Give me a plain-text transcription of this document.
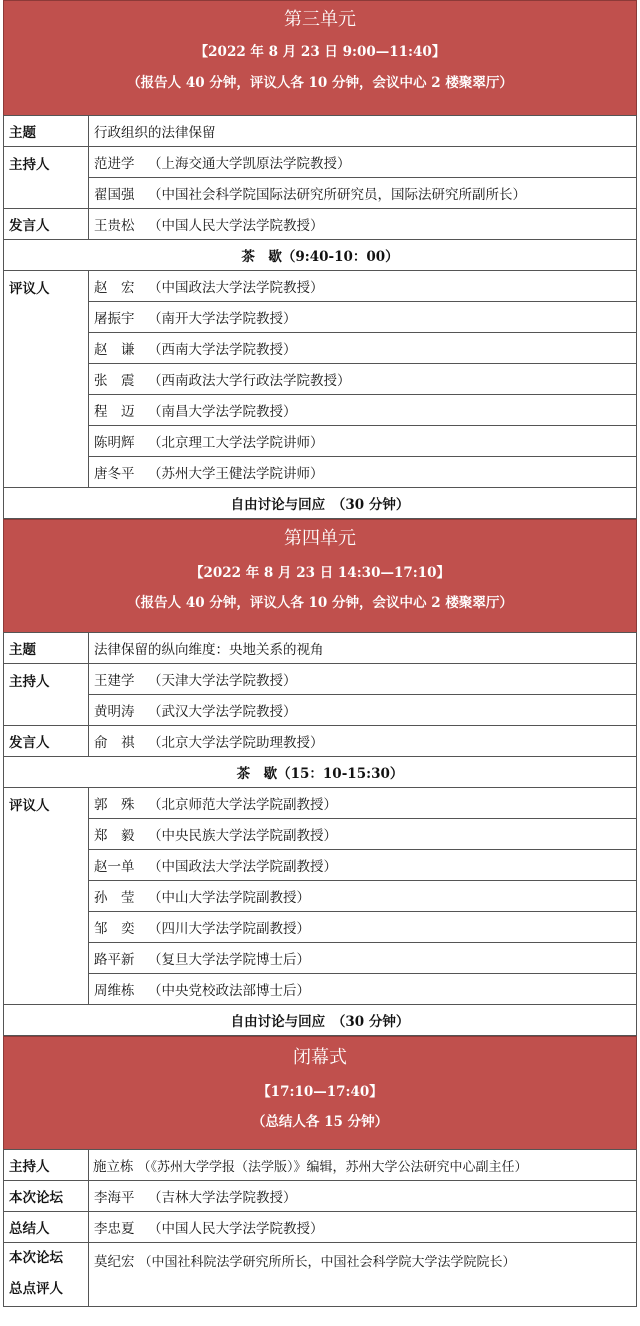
第三单元
【2022 年 8 月 23 日 9:00—11:40】
（报告人 40 分钟，评议人各 10 分钟，会议中心 2 楼聚翠厅）
主题	行政组织的法律保留
主持人	范进学 （上海交通大学凯原法学院教授）
	翟国强 （中国社会科学院国际法研究所研究员，国际法研究所副所长）
发言人	王贵松 （中国人民大学法学院教授）
茶　歇（9:40-10：00）	
评议人	赵　宏 （中国政法大学法学院教授）
	屠振宇 （南开大学法学院教授）
	赵　谦 （西南大学法学院教授）
	张　震 （西南政法大学行政法学院教授）
	程　迈 （南昌大学法学院教授）
	陈明辉 （北京理工大学法学院讲师）
	唐冬平 （苏州大学王健法学院讲师）
自由讨论与回应　（30 分钟）	
第四单元
【2022 年 8 月 23 日 14:30—17:10】
（报告人 40 分钟，评议人各 10 分钟，会议中心 2 楼聚翠厅）
主题	法律保留的纵向维度：央地关系的视角
主持人	王建学 （天津大学法学院教授）
	黄明涛 （武汉大学法学院教授）
发言人	俞　祺 （北京大学法学院助理教授）
茶　歇（15：10-15:30）	
评议人	郭　殊 （北京师范大学法学院副教授）
	郑　毅 （中央民族大学法学院副教授）
	赵一单 （中国政法大学法学院副教授）
	孙　莹 （中山大学法学院副教授）
	邹　奕 （四川大学法学院副教授）
	路平新 （复旦大学法学院博士后）
	周维栋 （中央党校政法部博士后）
自由讨论与回应　（30 分钟）	
闭幕式
【17:10—17:40】
（总结人各 15 分钟）
主持人	施立栋 （《苏州大学学报（法学版）》编辑，苏州大学公法研究中心副主任）
本次论坛	李海平 （吉林大学法学院教授）
总结人	李忠夏 （中国人民大学法学院教授）

本次论坛
总点评人	莫纪宏 （中国社科院法学研究所所长，中国社会科学院大学法学院院长）
